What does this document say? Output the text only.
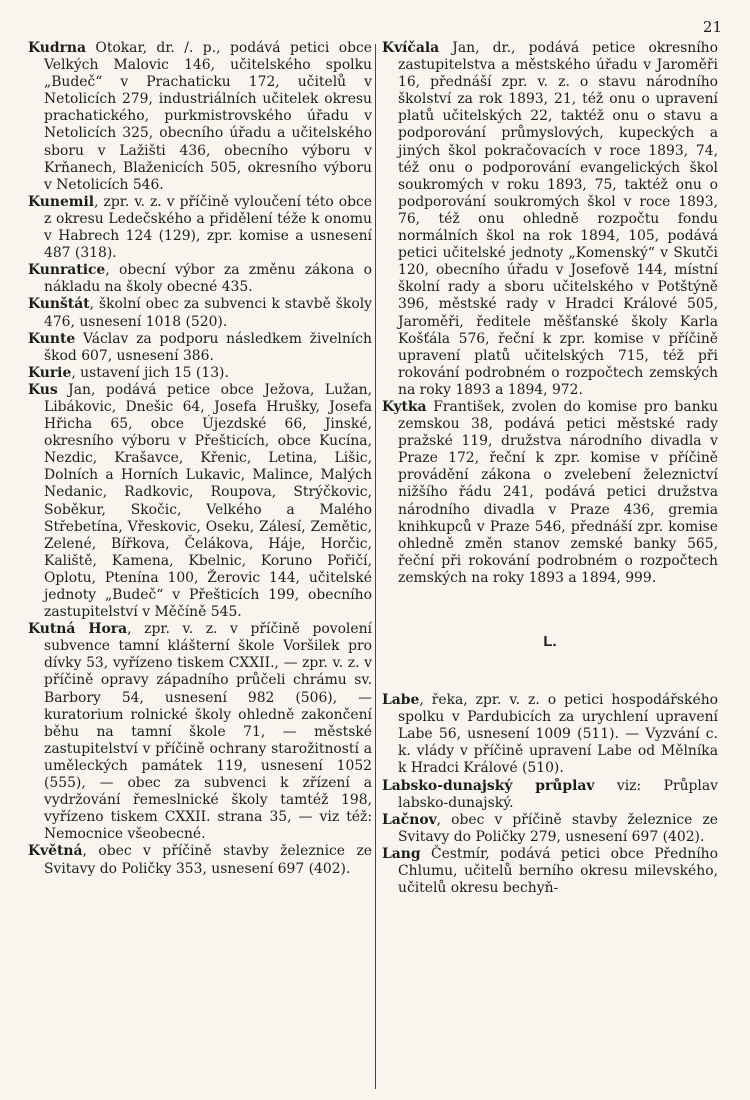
21

Kudrna Otokar, dr. /. p., podává petici obce Velkých Malovic 146, učitelského spolku „Budeč“ v Prachaticku 172, učitelů v Netolicích 279, industriálních učitelek okresu prachatického, purkmistrovského úřadu v Netolicích 325, obecního úřadu a učitelského sboru v Lažišti 436, obecního výboru v Krňanech, Blaženicích 505, okresního výboru v Netolicích 546.

Kunemil, zpr. v. z. v příčině vyloučení této obce z okresu Ledečského a přidělení téže k onomu v Habrech 124 (129), zpr. komise a usnesení 487 (318).

Kunratice, obecní výbor za změnu zákona o nákladu na školy obecné 435.

Kunštát, školní obec za subvenci k stavbě školy 476, usnesení 1018 (520).

Kunte Václav za podporu následkem živelních škod 607, usnesení 386.

Kurie, ustavení jich 15 (13).

Kus Jan, podává petice obce Ježova, Lužan, Libákovic, Dnešic 64, Josefa Hrušky, Josefa Hřicha 65, obce Újezdské 66, Jinské, okresního výboru v Přešticích, obce Kucína, Nezdic, Krašavce, Křenic, Letina, Lišic, Dolních a Horních Lukavic, Malince, Malých Nedanic, Radkovic, Roupova, Strýčkovic, Soběkur, Skočic, Velkého a Malého Střebetína, Vřeskovic, Oseku, Zálesí, Zemětic, Zelené, Bířkova, Čelákova, Háje, Horčic, Kaliště, Kamena, Kbelnic, Koruno Pořičí, Oplotu, Ptenína 100, Žerovic 144, učitelské jednoty „Budeč“ v Přešticích 199, obecního zastupitelství v Měčíně 545.

Kutná Hora, zpr. v. z. v příčině povolení subvence tamní klášterní škole Voršilek pro dívky 53, vyřízeno tiskem CXXII., — zpr. v. z. v příčině opravy západního průčeli chrámu sv. Barbory 54, usnesení 982 (506), — kuratorium rolnické školy ohledně zakončení běhu na tamní škole 71, — městské zastupitelství v příčině ochrany starožitností a uměleckých památek 119, usnesení 1052 (555), — obec za subvenci k zřízení a vydržování řemeslnické školy tamtéž 198, vyřízeno tiskem CXXII. strana 35, — viz též: Nemocnice všeobecné.

Květná, obec v příčině stavby železnice ze Svitavy do Poličky 353, usnesení 697 (402).

Kvíčala Jan, dr., podává petice okresního zastupitelstva a městského úřadu v Jaroměři 16, přednáší zpr. v. z. o stavu národního školství za rok 1893, 21, též onu o upravení platů učitelských 22, taktéž onu o stavu a podporování průmyslových, kupeckých a jiných škol pokračovacích v roce 1893, 74, též onu o podporování evangelických škol soukromých v roku 1893, 75, taktéž onu o podporování soukromých škol v roce 1893, 76, též onu ohledně rozpočtu fondu normálních škol na rok 1894, 105, podává petici učitelské jednoty „Komenský“ v Skutči 120, obecního úřadu v Josefově 144, místní školní rady a sboru učitelského v Potštýně 396, městské rady v Hradci Králové 505, Jaroměři, ředitele měšťanské školy Karla Košťála 576, řeční k zpr. komise v příčině upravení platů učitelských 715, též při rokování podrobném o rozpočtech zemských na roky 1893 a 1894, 972.

Kytka František, zvolen do komise pro banku zemskou 38, podává petici městské rady pražské 119, družstva národního divadla v Praze 172, řeční k zpr. komise v příčině provádění zákona o zvelebení železnictví nižšího řádu 241, podává petici družstva národního divadla v Praze 436, gremia knihkupců v Praze 546, přednáší zpr. komise ohledně změn stanov zemské banky 565, řeční při rokování podrobném o rozpočtech zemských na roky 1893 a 1894, 999.

L.

Labe, řeka, zpr. v. z. o petici hospodářského spolku v Pardubicích za urychlení upravení Labe 56, usnesení 1009 (511). — Vyzvání c. k. vlády v příčině upravení Labe od Mělníka k Hradci Králové (510).

Labsko-dunajský průplav viz: Průplav labsko-dunajský.

Lačnov, obec v příčině stavby železnice ze Svitavy do Poličky 279, usnesení 697 (402).

Lang Čestmír, podává petici obce Předního Chlumu, učitelů berního okresu milevského, učitelů okresu bechyň-
